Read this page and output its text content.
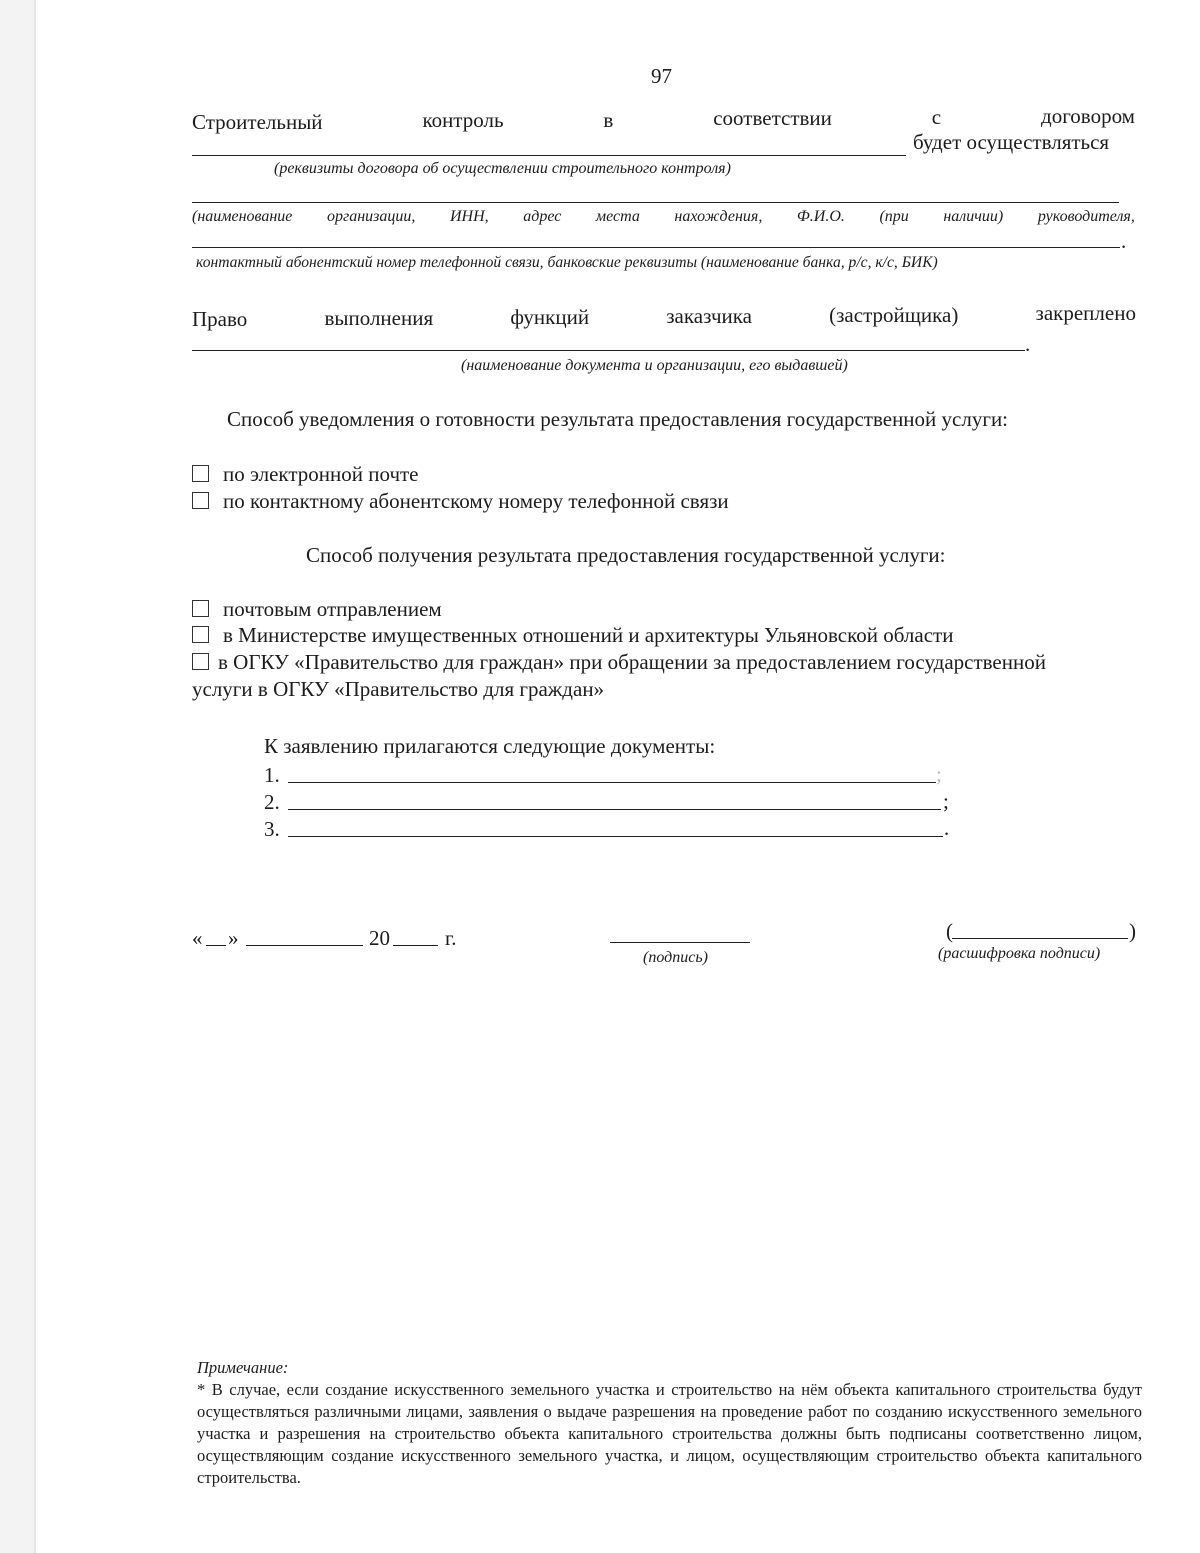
97
Строительный	контроль	в	соответствии	с	договором
будет осуществляться
(реквизиты договора об осуществлении строительного контроля)
(наименование организации, ИНН, адрес места нахождения, Ф.И.О. (при наличии) руководителя,
.
контактный абонентский номер телефонной связи, банковские реквизиты (наименование банка, р/с, к/с, БИК)
Право	выполнения	функций	заказчика	(застройщика)	закреплено
.
(наименование документа и организации, его выдавшей)
Способ уведомления о готовности результата предоставления государственной услуги:
по электронной почте
по контактному абонентскому номеру телефонной связи
Способ получения результата предоставления государственной услуги:
почтовым отправлением
в Министерстве имущественных отношений и архитектуры Ульяновской области
в ОГКУ «Правительство для граждан» при обращении за предоставлением государственной
услуги в ОГКУ «Правительство для граждан»
К заявлению прилагаются следующие документы:
1.	;
2.	;
3.	.
« »	20	г.
(подпись)
(	)
(расшифровка подписи)
Примечание:
* В случае, если создание искусственного земельного участка и строительство на нём объекта капитального строительства будут осуществляться различными лицами, заявления о выдаче разрешения на проведение работ по созданию искусственного земельного участка и разрешения на строительство объекта капитального строительства должны быть подписаны соответственно лицом, осуществляющим создание искусственного земельного участка, и лицом, осуществляющим строительство объекта капитального строительства.
